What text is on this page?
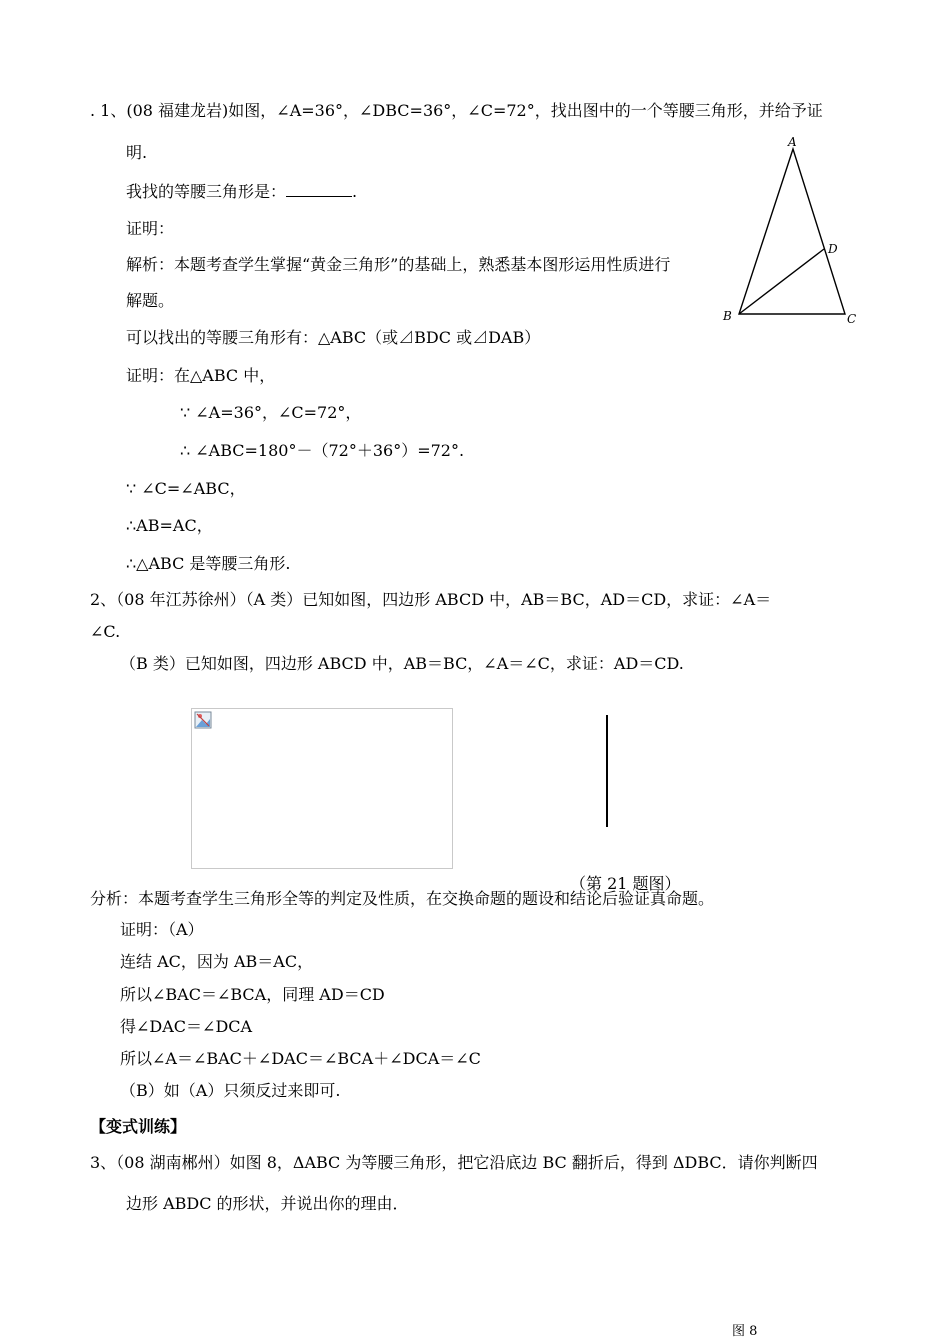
. 1、(08 福建龙岩)如图，∠A=36°，∠DBC=36°，∠C=72°，找出图中的一个等腰三角形，并给予证
明.
我找的等腰三角形是：	.
证明：
解析：本题考查学生掌握“黄金三角形”的基础上，熟悉基本图形运用性质进行
解题。
可以找出的等腰三角形有：△ABC（或⊿BDC 或⊿DAB）
证明：在△ABC 中，
∵ ∠A=36°，∠C=72°，
∴ ∠ABC=180°－（72°＋36°）=72°.
∵ ∠C=∠ABC，
∴AB=AC，
∴△ABC 是等腰三角形.
A
B	C
D
2、（08 年江苏徐州）（A 类）已知如图，四边形 ABCD 中，AB＝BC，AD＝CD，求证：∠A＝
∠C.
（B 类）已知如图，四边形 ABCD 中，AB＝BC，∠A＝∠C，求证：AD＝CD.
（第 21 题图）
分析：本题考查学生三角形全等的判定及性质，在交换命题的题设和结论后验证真命题。
证明：（A）
连结 AC，因为 AB＝AC，
所以∠BAC＝∠BCA，同理 AD＝CD
得∠DAC＝∠DCA
所以∠A＝∠BAC＋∠DAC＝∠BCA＋∠DCA＝∠C
（B）如（A）只须反过来即可.
【变式训练】
3、（08 湖南郴州）如图 8，ΔABC 为等腰三角形，把它沿底边 BC 翻折后，得到 ΔDBC．请你判断四
边形 ABDC 的形状，并说出你的理由．
图 8
